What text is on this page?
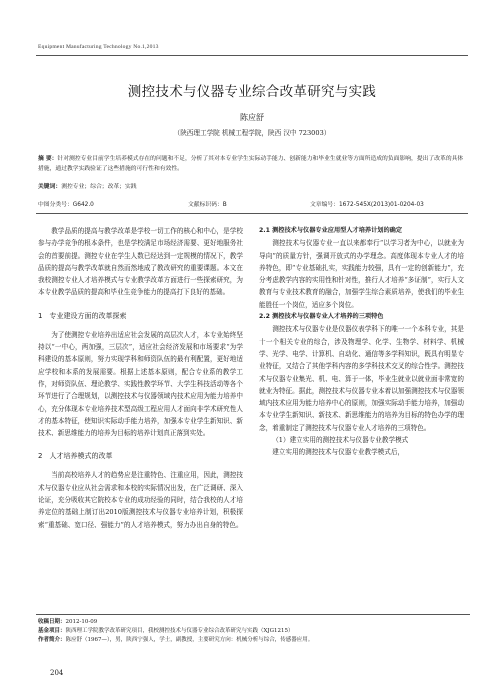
Equipment Manufacturing Technology No.1,2013
测控技术与仪器专业综合改革研究与实践
陈应舒
（陕西理工学院 机械工程学院，陕西 汉中 723003）
摘 要：针对测控专业目前学生培养模式存在的问题和不足，分析了其对本专业学生实际动手能力、创新能力和毕业生就业等方面所造成的负面影响，提出了改革的具体措施，通过教学实践验证了这些措施的可行性和有效性。
关键词：测控专业；综合；改革；实践
中图分类号：G642.0	文献标识码：B	文章编号：1672-545X(2013)01-0204-03

教学品质的提高与教学改革是学校一切工作的核心和中心，是学校参与办学竞争的根本条件，也是学校满足市场经济需要、更好地服务社会的首要前提。测控专业在学生人数已经达到一定规模的情况下，教学品质的提高与教学改革就自然而然地成了教改研究的重要课题。本文在我校测控专业人才培养模式与专业教学改革方面进行一些探索研究，为本专业教学品质的提高和毕业生竞争能力的提高打下良好的基础。

1　专业建设方面的改革探索

为了使测控专业培养出适应社会发展的高层次人才，本专业始终坚持以“一中心，两加强，三层次”，适应社会经济发展和市场要求“为学科建设的基本原则，努力实现学科和师资队伍的最有利配置，更好地适应学校和本系的发展需要。根据上述基本原则，配合专业系的教学工作，对师资队伍、理论教学、实践性教学环节、大学生科技活动等各个环节进行了合理规划，以测控技术与仪器领域内技术应用为能力培养中心，充分体现本专业培养技术型高级工程应用人才面向非学术研究性人才的基本特征，使知识实际动手能力培养，加强本专业学生新知识、新技术、新思维能力的培养为目标的培养计划真正落到实处。

2　人才培养模式的改革

当前高校培养人才的趋势应是注重特色、注重应用，因此，测控技术与仪器专业应从社会需求和本校的实际情况出发，在广泛调研、深入论证，充分吸收其它院校本专业的成功经验的同时，结合我校的人才培养定位的基础上制订出2010版测控技术与仪器专业培养计划，积极探索“重基础、宽口径、强能力”的人才培养模式，努力办出自身的特色。

2.1 测控技术与仪器专业应用型人才培养计划的确定

测控技术与仪器专业一直以来都奉行“以学习者为中心，以就业为导向”的质量方针，强调开放式的办学理念。高度体现本专业人才的培养特色，即“专业基础扎实，实践能力较强，具有一定的创新能力”，充分考虑教学内容的实用性和针对性，推行人才培养“多证制”，实行人文教育与专业技术教育的融合，加强学生综合素质培养，使我们的毕业生能胜任一个岗位，适应多个岗位。

2.2 测控技术与仪器专业人才培养的三项特色

测控技术与仪器专业是仪器仪表学科下的唯一一个本科专业，其是十一个相关专业的综合，涉及物理学、化学、生物学、材料学、机械学、光学、电学、计算机、自动化、通信等多学科知识，既具有明显专业特征，又结合了其他学科内容的多学科技术交叉的综合性学。测控技术与仪器专业集光、机、电、算于一体，毕业生就业以就业面非常宽的就业为特征。据此，测控技术与仪器专业本着以加强测控技术与仪器领域内技术应用为能力培养中心的原则，加强实际动手能力培养，加强动本专业学生新知识、新技术、新思维能力的培养为目标的特色办学的理念，着重制定了测控技术与仪器专业人才培养的三项特色。

（1）建立实用的测控技术与仪器专业教学模式

建立实用的测控技术与仪器专业教学模式后，

收稿日期：2012-10-09
基金项目：陕西理工学院教学改革研究项目，我校测控技术与仪器专业综合改革研究与实践（XJG1215）
作者简介：陈应舒（1967—），男，陕西宁强人，学士，副教授，主要研究方向：机械分析与综合，传感器应用。
204
